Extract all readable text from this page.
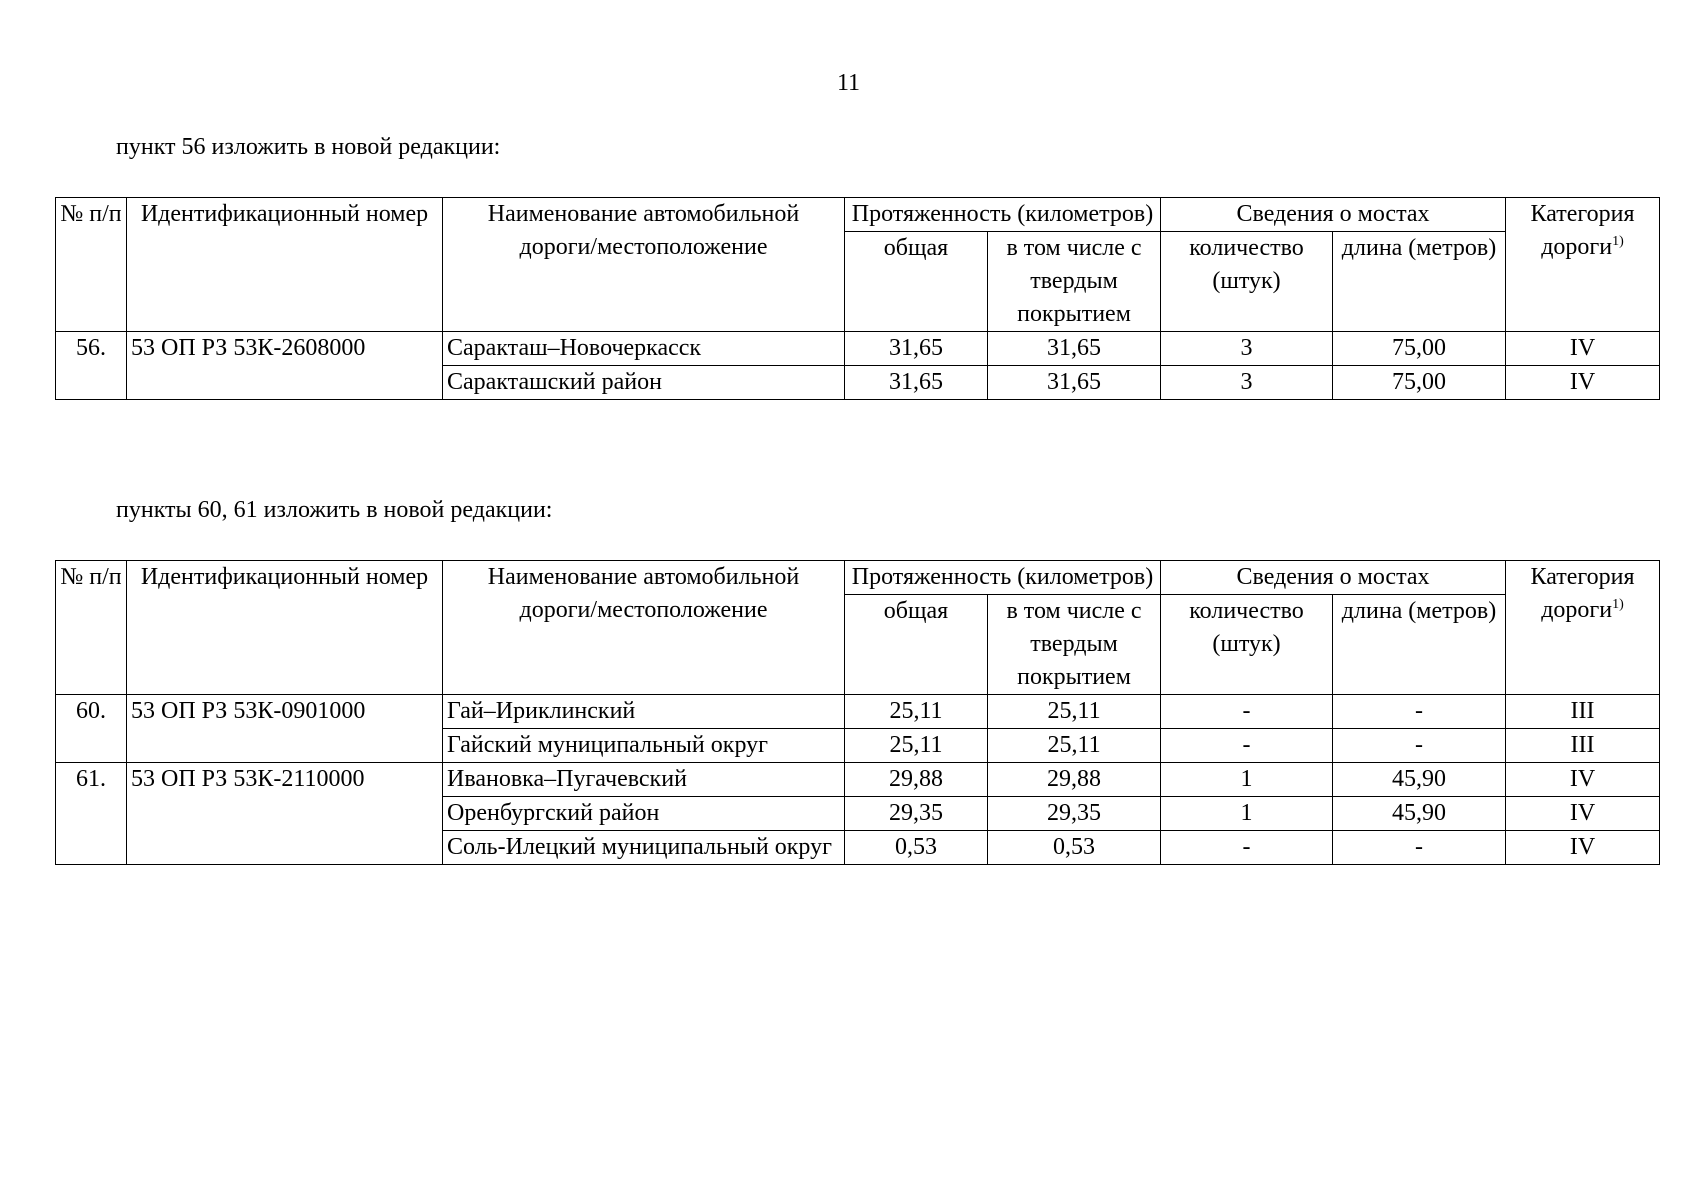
11
пункт 56 изложить в новой редакции:
№ п/п	Идентификационный номер	Наименование автомобильной дороги/местоположение	Протяженность (километров)		Сведения о мостах		Категория дороги$^{1)}$
			общая	в том числе с твердым покрытием	количество (штук)	длина (метров)	
56.	53 ОП РЗ 53К-2608000	Саракташ–Новочеркасск	31,65	31,65	3	75,00	IV
		Саракташский район	31,65	31,65	3	75,00	IV
пункты 60, 61 изложить в новой редакции:
№ п/п	Идентификационный номер	Наименование автомобильной дороги/местоположение	Протяженность (километров)		Сведения о мостах		Категория дороги$^{1)}$
			общая	в том числе с твердым покрытием	количество (штук)	длина (метров)	
60.	53 ОП РЗ 53К-0901000	Гай–Ириклинский	25,11	25,11	-	-	III
		Гайский муниципальный округ	25,11	25,11	-	-	III
61.	53 ОП РЗ 53К-2110000	Ивановка–Пугачевский	29,88	29,88	1	45,90	IV
		Оренбургский район	29,35	29,35	1	45,90	IV
		Соль-Илецкий муниципальный округ	0,53	0,53	-	-	IV
